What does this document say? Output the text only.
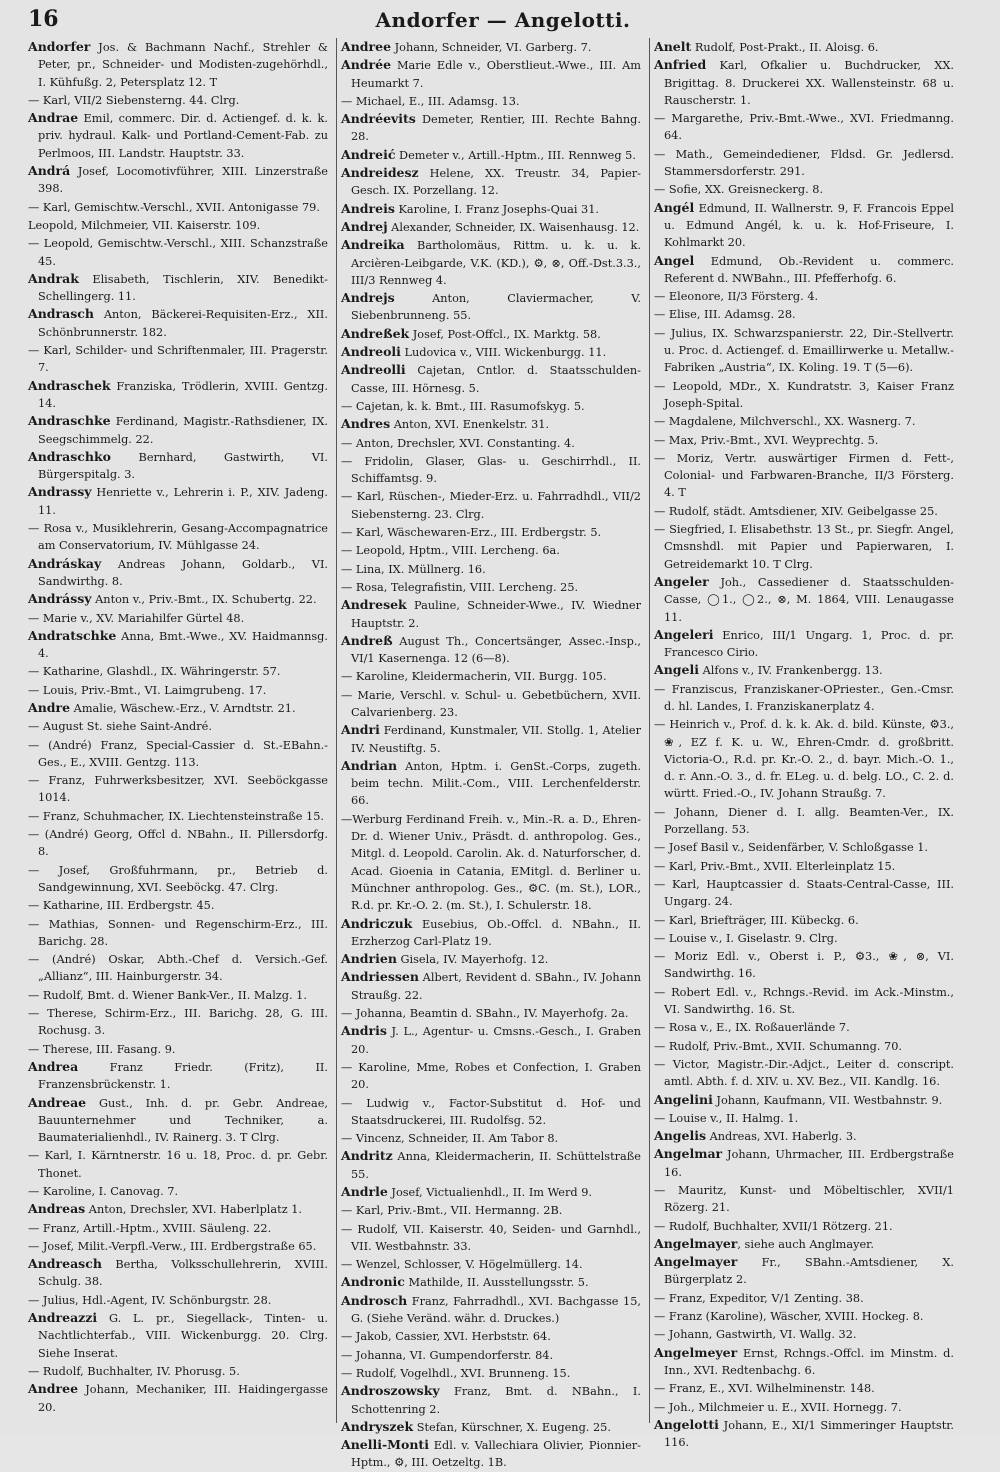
16	Andorfer — Angelotti.

Andorfer Jos. & Bachmann Nachf., Strehler & Peter, pr., Schneider- und Modisten-zugehörhdl., I. Kühfußg. 2, Petersplatz 12. T

— Karl, VII/2 Siebensterng. 44. Clrg.

Andrae Emil, commerc. Dir. d. Actiengef. d. k. k. priv. hydraul. Kalk- und Portland-Cement-Fab. zu Perlmoos, III. Landstr. Hauptstr. 33.

Andrá Josef, Locomotivführer, XIII. Linzerstraße 398.

— Karl, Gemischtw.-Verschl., XVII. Antonigasse 79.

Leopold, Milchmeier, VII. Kaiserstr. 109.

— Leopold, Gemischtw.-Verschl., XIII. Schanzstraße 45.

Andrak Elisabeth, Tischlerin, XIV. Benedikt-Schellingerg. 11.

Andrasch Anton, Bäckerei-Requisiten-Erz., XII. Schönbrunnerstr. 182.

— Karl, Schilder- und Schriftenmaler, III. Pragerstr. 7.

Andraschek Franziska, Trödlerin, XVIII. Gentzg. 14.

Andraschke Ferdinand, Magistr.-Rathsdiener, IX. Seegschimmelg. 22.

Andraschko Bernhard, Gastwirth, VI. Bürgerspitalg. 3.

Andrassy Henriette v., Lehrerin i. P., XIV. Jadeng. 11.

— Rosa v., Musiklehrerin, Gesang-Accompagnatrice am Conservatorium, IV. Mühlgasse 24.

Andráskay Andreas Johann, Goldarb., VI. Sandwirthg. 8.

Andrássy Anton v., Priv.-Bmt., IX. Schubertg. 22.

— Marie v., XV. Mariahilfer Gürtel 48.

Andratschke Anna, Bmt.-Wwe., XV. Haidmannsg. 4.

— Katharine, Glashdl., IX. Währingerstr. 57.

— Louis, Priv.-Bmt., VI. Laimgrubeng. 17.

Andre Amalie, Wäschew.-Erz., V. Arndtstr. 21.

— August St. siehe Saint-André.

— (André) Franz, Special-Cassier d. St.-EBahn.-Ges., E., XVIII. Gentzg. 113.

— Franz, Fuhrwerksbesitzer, XVI. Seeböckgasse 1014.

— Franz, Schuhmacher, IX. Liechtensteinstraße 15.

— (André) Georg, Offcl d. NBahn., II. Pillersdorfg. 8.

— Josef, Großfuhrmann, pr., Betrieb d. Sandgewinnung, XVI. Seeböckg. 47. Clrg.

— Katharine, III. Erdbergstr. 45.

— Mathias, Sonnen- und Regenschirm-Erz., III. Barichg. 28.

— (André) Oskar, Abth.-Chef d. Versich.-Gef. „Allianz“, III. Hainburgerstr. 34.

— Rudolf, Bmt. d. Wiener Bank-Ver., II. Malzg. 1.

— Therese, Schirm-Erz., III. Barichg. 28, G. III. Rochusg. 3.

— Therese, III. Fasang. 9.

Andrea Franz Friedr. (Fritz), II. Franzensbrückenstr. 1.

Andreae Gust., Inh. d. pr. Gebr. Andreae, Bauunternehmer und Techniker, a. Baumaterialienhdl., IV. Rainerg. 3. T Clrg.

— Karl, I. Kärntnerstr. 16 u. 18, Proc. d. pr. Gebr. Thonet.

— Karoline, I. Canovag. 7.

Andreas Anton, Drechsler, XVI. Haberlplatz 1.

— Franz, Artill.-Hptm., XVIII. Säuleng. 22.

— Josef, Milit.-Verpfl.-Verw., III. Erdbergstraße 65.

Andreasch Bertha, Volksschullehrerin, XVIII. Schulg. 38.

— Julius, Hdl.-Agent, IV. Schönburgstr. 28.

Andreazzi G. L. pr., Siegellack-, Tinten- u. Nachtlichterfab., VIII. Wickenburgg. 20. Clrg. Siehe Inserat.

— Rudolf, Buchhalter, IV. Phorusg. 5.

Andree Johann, Mechaniker, III. Haidingergasse 20.

Andree Johann, Schneider, VI. Garberg. 7.

Andrée Marie Edle v., Oberstlieut.-Wwe., III. Am Heumarkt 7.

— Michael, E., III. Adamsg. 13.

Andréevits Demeter, Rentier, III. Rechte Bahng. 28.

Andreić Demeter v., Artill.-Hptm., III. Rennweg 5.

Andreidesz Helene, XX. Treustr. 34, Papier-Gesch. IX. Porzellang. 12.

Andreis Karoline, I. Franz Josephs-Quai 31.

Andrej Alexander, Schneider, IX. Waisenhausg. 12.

Andreika Bartholomäus, Rittm. u. k. u. k. Arcièren-Leibgarde, V.K. (KD.), ⚙, ⊗, Off.-Dst.3.3., III/3 Rennweg 4.

Andrejs Anton, Claviermacher, V. Siebenbrunneng. 55.

Andreßek Josef, Post-Offcl., IX. Marktg. 58.

Andreoli Ludovica v., VIII. Wickenburgg. 11.

Andreolli Cajetan, Cntlor. d. Staatsschulden-Casse, III. Hörnesg. 5.

— Cajetan, k. k. Bmt., III. Rasumofskyg. 5.

Andres Anton, XVI. Enenkelstr. 31.

— Anton, Drechsler, XVI. Constanting. 4.

— Fridolin, Glaser, Glas- u. Geschirrhdl., II. Schiffamtsg. 9.

— Karl, Rüschen-, Mieder-Erz. u. Fahrradhdl., VII/2 Siebensterng. 23. Clrg.

— Karl, Wäschewaren-Erz., III. Erdbergstr. 5.

— Leopold, Hptm., VIII. Lercheng. 6a.

— Lina, IX. Müllnerg. 16.

— Rosa, Telegrafistin, VIII. Lercheng. 25.

Andresek Pauline, Schneider-Wwe., IV. Wiedner Hauptstr. 2.

Andreß August Th., Concertsänger, Assec.-Insp., VI/1 Kasernenga. 12 (6—8).

— Karoline, Kleidermacherin, VII. Burgg. 105.

— Marie, Verschl. v. Schul- u. Gebetbüchern, XVII. Calvarienberg. 23.

Andri Ferdinand, Kunstmaler, VII. Stollg. 1, Atelier IV. Neustiftg. 5.

Andrian Anton, Hptm. i. GenSt.-Corps, zugeth. beim techn. Milit.-Com., VIII. Lerchenfelderstr. 66.

—Werburg Ferdinand Freih. v., Min.-R. a. D., Ehren-Dr. d. Wiener Univ., Präsdt. d. anthropolog. Ges., Mitgl. d. Leopold. Carolin. Ak. d. Naturforscher, d. Acad. Gioenia in Catania, EMitgl. d. Berliner u. Münchner anthropolog. Ges., ⚙C. (m. St.), LOR., R.d. pr. Kr.-O. 2. (m. St.), I. Schulerstr. 18.

Andriczuk Eusebius, Ob.-Offcl. d. NBahn., II. Erzherzog Carl-Platz 19.

Andrien Gisela, IV. Mayerhofg. 12.

Andriessen Albert, Revident d. SBahn., IV. Johann Straußg. 22.

— Johanna, Beamtin d. SBahn., IV. Mayerhofg. 2a.

Andris J. L., Agentur- u. Cmsns.-Gesch., I. Graben 20.

— Karoline, Mme, Robes et Confection, I. Graben 20.

— Ludwig v., Factor-Substitut d. Hof- und Staatsdruckerei, III. Rudolfsg. 52.

— Vincenz, Schneider, II. Am Tabor 8.

Andritz Anna, Kleidermacherin, II. Schüttelstraße 55.

Andrle Josef, Victualienhdl., II. Im Werd 9.

— Karl, Priv.-Bmt., VII. Hermanng. 2B.

— Rudolf, VII. Kaiserstr. 40, Seiden- und Garnhdl., VII. Westbahnstr. 33.

— Wenzel, Schlosser, V. Högelmüllerg. 14.

Andronic Mathilde, II. Ausstellungsstr. 5.

Androsch Franz, Fahrradhdl., XVI. Bachgasse 15, G. (Siehe Veränd. währ. d. Druckes.)

— Jakob, Cassier, XVI. Herbststr. 64.

— Johanna, VI. Gumpendorferstr. 84.

— Rudolf, Vogelhdl., XVI. Brunneng. 15.

Androszowsky Franz, Bmt. d. NBahn., I. Schottenring 2.

Andryszek Stefan, Kürschner, X. Eugeng. 25.

Anelli-Monti Edl. v. Vallechiara Olivier, Pionnier-Hptm., ⚙, III. Oetzeltg. 1B.

Anelt Rudolf, Post-Prakt., II. Aloisg. 6.

Anfried Karl, Ofkalier u. Buchdrucker, XX. Brigittag. 8. Druckerei XX. Wallensteinstr. 68 u. Rauscherstr. 1.

— Margarethe, Priv.-Bmt.-Wwe., XVI. Friedmanng. 64.

— Math., Gemeindediener, Fldsd. Gr. Jedlersd. Stammersdorferstr. 291.

— Sofie, XX. Greisneckerg. 8.

Angél Edmund, II. Wallnerstr. 9, F. Francois Eppel u. Edmund Angél, k. u. k. Hof-Friseure, I. Kohlmarkt 20.

Angel Edmund, Ob.-Revident u. commerc. Referent d. NWBahn., III. Pfefferhofg. 6.

— Eleonore, II/3 Försterg. 4.

— Elise, III. Adamsg. 28.

— Julius, IX. Schwarzspanierstr. 22, Dir.-Stellvertr. u. Proc. d. Actiengef. d. Emaillirwerke u. Metallw.-Fabriken „Austria“, IX. Koling. 19. T (5—6).

— Leopold, MDr., X. Kundratstr. 3, Kaiser Franz Joseph-Spital.

— Magdalene, Milchverschl., XX. Wasnerg. 7.

— Max, Priv.-Bmt., XVI. Weyprechtg. 5.

— Moriz, Vertr. auswärtiger Firmen d. Fett-, Colonial- und Farbwaren-Branche, II/3 Försterg. 4. T

— Rudolf, städt. Amtsdiener, XIV. Geibelgasse 25.

— Siegfried, I. Elisabethstr. 13 St., pr. Siegfr. Angel, Cmsnshdl. mit Papier und Papierwaren, I. Getreidemarkt 10. T Clrg.

Angeler Joh., Cassediener d. Staatsschulden-Casse, ◯1., ◯2., ⊗, M. 1864, VIII. Lenaugasse 11.

Angeleri Enrico, III/1 Ungarg. 1, Proc. d. pr. Francesco Cirio.

Angeli Alfons v., IV. Frankenbergg. 13.

— Franziscus, Franziskaner-OPriester., Gen.-Cmsr. d. hl. Landes, I. Franziskanerplatz 4.

— Heinrich v., Prof. d. k. k. Ak. d. bild. Künste, ⚙3., ❀, EZ f. K. u. W., Ehren-Cmdr. d. großbritt. Victoria-O., R.d. pr. Kr.-O. 2., d. bayr. Mich.-O. 1., d. r. Ann.-O. 3., d. fr. ELeg. u. d. belg. LO., C. 2. d. württ. Fried.-O., IV. Johann Straußg. 7.

— Johann, Diener d. I. allg. Beamten-Ver., IX. Porzellang. 53.

— Josef Basil v., Seidenfärber, V. Schloßgasse 1.

— Karl, Priv.-Bmt., XVII. Elterleinplatz 15.

— Karl, Hauptcassier d. Staats-Central-Casse, III. Ungarg. 24.

— Karl, Briefträger, III. Kübeckg. 6.

— Louise v., I. Giselastr. 9. Clrg.

— Moriz Edl. v., Oberst i. P., ⚙3., ❀, ⊗, VI. Sandwirthg. 16.

— Robert Edl. v., Rchngs.-Revid. im Ack.-Minstm., VI. Sandwirthg. 16. St.

— Rosa v., E., IX. Roßauerlände 7.

— Rudolf, Priv.-Bmt., XVII. Schumanng. 70.

— Victor, Magistr.-Dir.-Adjct., Leiter d. conscript. amtl. Abth. f. d. XIV. u. XV. Bez., VII. Kandlg. 16.

Angelini Johann, Kaufmann, VII. Westbahnstr. 9.

— Louise v., II. Halmg. 1.

Angelis Andreas, XVI. Haberlg. 3.

Angelmar Johann, Uhrmacher, III. Erdbergstraße 16.

— Mauritz, Kunst- und Möbeltischler, XVII/1 Rözerg. 21.

— Rudolf, Buchhalter, XVII/1 Rötzerg. 21.

Angelmayer, siehe auch Anglmayer.

Angelmayer Fr., SBahn.-Amtsdiener, X. Bürgerplatz 2.

— Franz, Expeditor, V/1 Zenting. 38.

— Franz (Karoline), Wäscher, XVIII. Hockeg. 8.

— Johann, Gastwirth, VI. Wallg. 32.

Angelmeyer Ernst, Rchngs.-Offcl. im Minstm. d. Inn., XVI. Redtenbachg. 6.

— Franz, E., XVI. Wilhelminenstr. 148.

— Joh., Milchmeier u. E., XVII. Hornegg. 7.

Angelotti Johann, E., XI/1 Simmeringer Hauptstr. 116.
